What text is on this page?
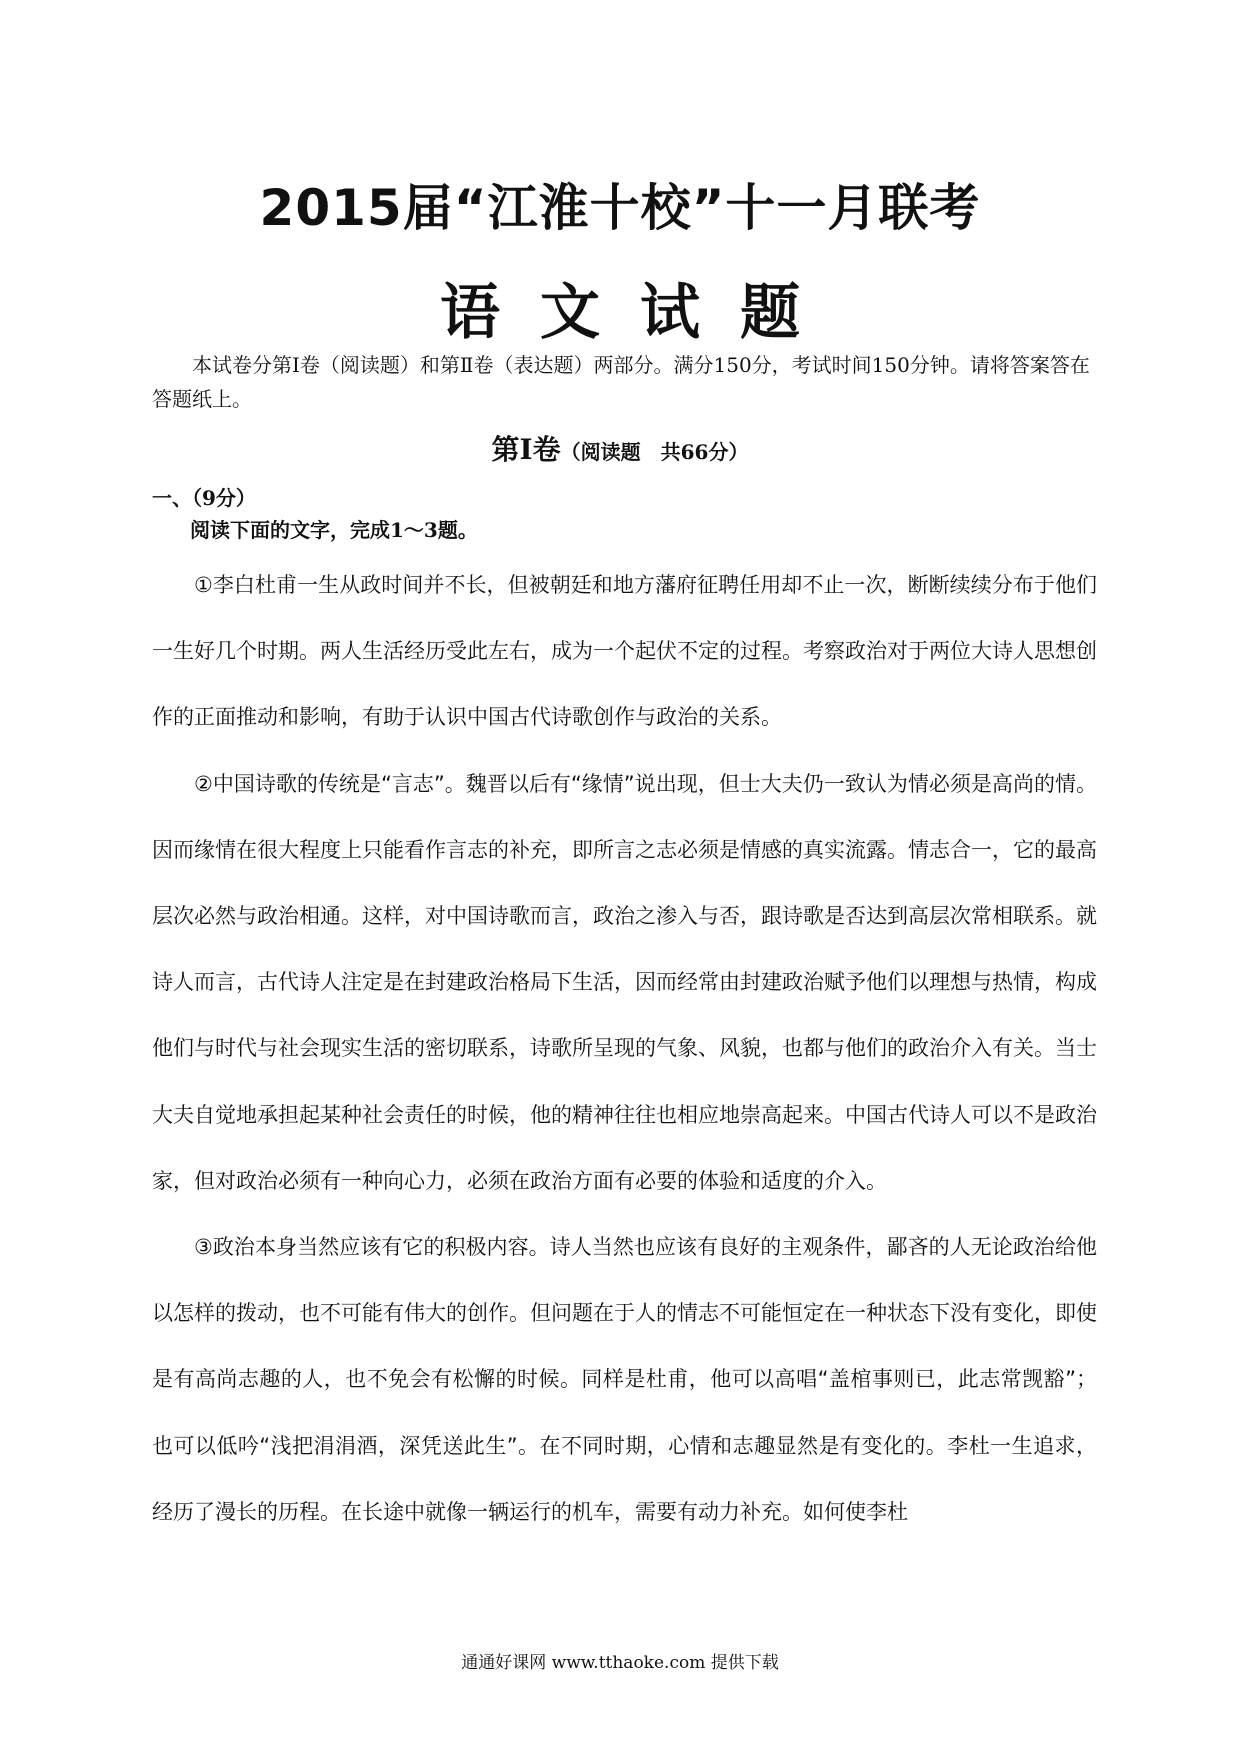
2015届“江淮十校”十一月联考
语文试题
本试卷分第Ⅰ卷（阅读题）和第Ⅱ卷（表达题）两部分。满分150分，考试时间150分钟。请将答案答在答题纸上。
第Ⅰ卷（阅读题　共66分）
一、（9分）
阅读下面的文字，完成1～3题。

①李白杜甫一生从政时间并不长，但被朝廷和地方藩府征聘任用却不止一次，断断续续分布于他们一生好几个时期。两人生活经历受此左右，成为一个起伏不定的过程。考察政治对于两位大诗人思想创作的正面推动和影响，有助于认识中国古代诗歌创作与政治的关系。

②中国诗歌的传统是“言志”。魏晋以后有“缘情”说出现，但士大夫仍一致认为情必须是高尚的情。因而缘情在很大程度上只能看作言志的补充，即所言之志必须是情感的真实流露。情志合一，它的最高层次必然与政治相通。这样，对中国诗歌而言，政治之渗入与否，跟诗歌是否达到高层次常相联系。就诗人而言，古代诗人注定是在封建政治格局下生活，因而经常由封建政治赋予他们以理想与热情，构成他们与时代与社会现实生活的密切联系，诗歌所呈现的气象、风貌，也都与他们的政治介入有关。当士大夫自觉地承担起某种社会责任的时候，他的精神往往也相应地崇高起来。中国古代诗人可以不是政治家，但对政治必须有一种向心力，必须在政治方面有必要的体验和适度的介入。

③政治本身当然应该有它的积极内容。诗人当然也应该有良好的主观条件，鄙吝的人无论政治给他以怎样的拨动，也不可能有伟大的创作。但问题在于人的情志不可能恒定在一种状态下没有变化，即使是有高尚志趣的人，也不免会有松懈的时候。同样是杜甫，他可以高唱“盖棺事则已，此志常觊豁”；也可以低吟“浅把涓涓酒，深凭送此生”。在不同时期，心情和志趣显然是有变化的。李杜一生追求，经历了漫长的历程。在长途中就像一辆运行的机车，需要有动力补充。如何使李杜

通通好课网 www.tthaoke.com 提供下载
